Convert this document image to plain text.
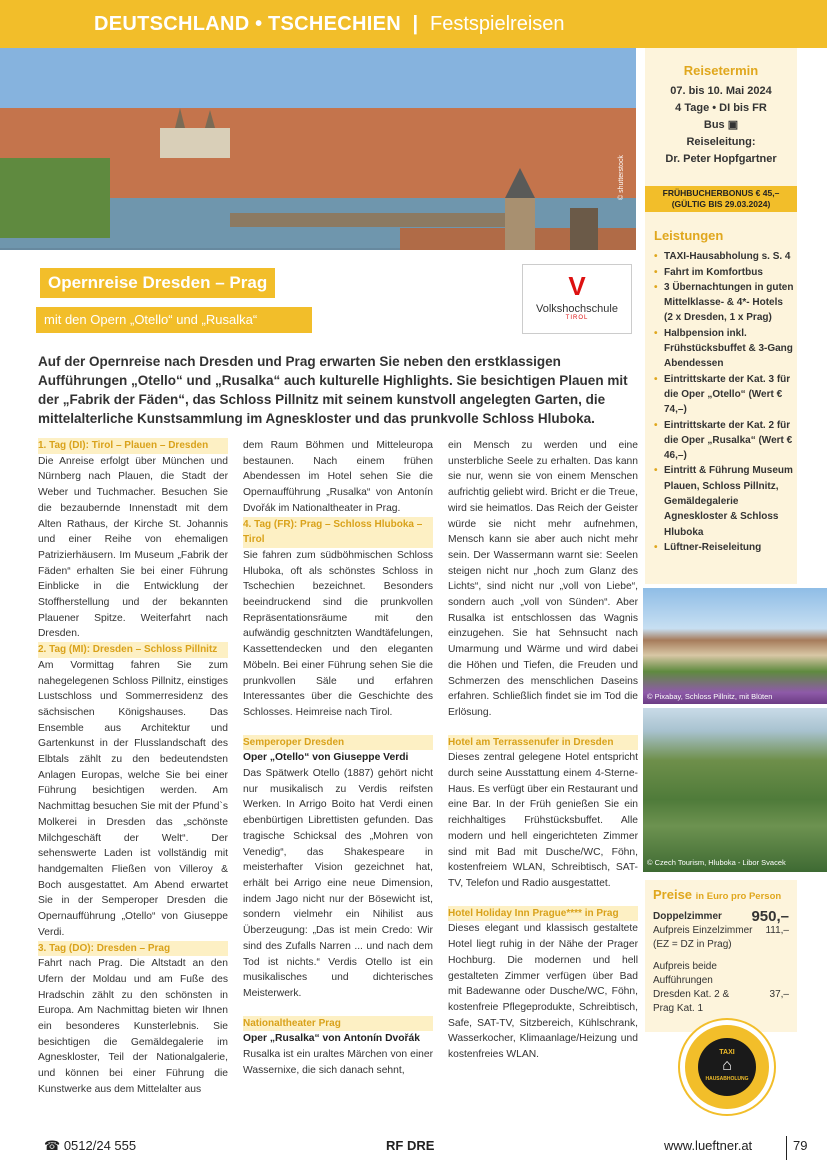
DEUTSCHLAND • TSCHECHIEN | Festspielreisen
© shutterstock
Opernreise Dresden – Prag
mit den Opern „Otello“ und „Rusalka“
V
Volkshochschule
TIROL

Auf der Opernreise nach Dresden und Prag erwarten Sie neben den erstklassigen Aufführungen „Otello“ und „Rusalka“ auch kulturelle Highlights. Sie besichtigen Plauen mit der „Fabrik der Fäden“, das Schloss Pillnitz mit seinem kunstvoll angelegten Garten, die mittelalterliche Kunstsammlung im Agneskloster und das prunkvolle Schloss Hluboka.

1. Tag (DI): Tirol – Plauen – Dresden

Die Anreise erfolgt über München und Nürnberg nach Plauen, die Stadt der Weber und Tuchmacher. Besuchen Sie die bezaubernde Innenstadt mit dem Alten Rathaus, der Kirche St. Johannis und einer Reihe von ehemaligen Patrizierhäusern. Im Museum „Fabrik der Fäden“ erhalten Sie bei einer Führung Einblicke in die Entwicklung der Stoffherstellung und der bekannten Plauener Spitze. Weiterfahrt nach Dresden.

2. Tag (MI): Dresden – Schloss Pillnitz

Am Vormittag fahren Sie zum nahegelegenen Schloss Pillnitz, einstiges Lustschloss und Sommerresidenz des sächsischen Königshauses. Das Ensemble aus Architektur und Gartenkunst in der Flusslandschaft des Elbtals zählt zu den bedeutendsten Anlagen Europas, welche Sie bei einer Führung besichtigen werden. Am Nachmittag besuchen Sie mit der Pfund`s Molkerei in Dresden das „schönste Milchgeschäft der Welt“. Der sehenswerte Laden ist vollständig mit handgemalten Fließen von Villeroy & Boch ausgestattet. Am Abend erwartet Sie in der Semperoper Dresden die Opernaufführung „Otello“ von Giuseppe Verdi.

3. Tag (DO): Dresden – Prag

Fahrt nach Prag. Die Altstadt an den Ufern der Moldau und am Fuße des Hradschin zählt zu den schönsten in Europa. Am Nachmittag bieten wir Ihnen ein besonderes Kunsterlebnis. Sie besichtigen die Gemäldegalerie im Agneskloster, Teil der Nationalgalerie, und können bei einer Führung die Kunstwerke aus dem Mittelalter aus

dem Raum Böhmen und Mitteleuropa bestaunen. Nach einem frühen Abendessen im Hotel sehen Sie die Opernaufführung „Rusalka“ von Antonín Dvořák im Nationaltheater in Prag.

4. Tag (FR): Prag – Schloss Hluboka – Tirol

Sie fahren zum südböhmischen Schloss Hluboka, oft als schönstes Schloss in Tschechien bezeichnet. Besonders beeindruckend sind die prunkvollen Repräsentationsräume mit den aufwändig geschnitzten Wandtäfelungen, Kassettendecken und den eleganten Möbeln. Bei einer Führung sehen Sie die prunkvollen Säle und erfahren Interessantes über die Geschichte des Schlosses. Heimreise nach Tirol.

Semperoper Dresden
Oper „Otello“ von Giuseppe Verdi

Das Spätwerk Otello (1887) gehört nicht nur musikalisch zu Verdis reifsten Werken. In Arrigo Boito hat Verdi einen ebenbürtigen Librettisten gefunden. Das tragische Schicksal des „Mohren von Venedig“, das Shakespeare in meisterhafter Vision gezeichnet hat, erhält bei Arrigo eine neue Dimension, indem Jago nicht nur der Bösewicht ist, sondern vielmehr ein Nihilist aus Überzeugung: „Das ist mein Credo: Wir sind des Zufalls Narren ... und nach dem Tod ist nichts.“ Verdis Otello ist ein musikalisches und dichterisches Meisterwerk.

Nationaltheater Prag
Oper „Rusalka“ von Antonín Dvořák

Rusalka ist ein uraltes Märchen von einer Wassernixe, die sich danach sehnt,

ein Mensch zu werden und eine unsterbliche Seele zu erhalten. Das kann sie nur, wenn sie von einem Menschen aufrichtig geliebt wird. Bricht er die Treue, wird sie heimatlos. Das Reich der Geister würde sie nicht mehr aufnehmen, Mensch kann sie aber auch nicht mehr sein. Der Wassermann warnt sie: Seelen steigen nicht nur „hoch zum Glanz des Lichts“, sind nicht nur „voll von Liebe“, sondern auch „voll von Sünden“. Aber Rusalka ist entschlossen das Wagnis einzugehen. Sie hat Sehnsucht nach Umarmung und Wärme und wird dabei die Höhen und Tiefen, die Freuden und Schmerzen des menschlichen Daseins erfahren. Schließlich findet sie im Tod die Erlösung.

Hotel am Terrassenufer in Dresden

Dieses zentral gelegene Hotel entspricht durch seine Ausstattung einem 4-Sterne-Haus. Es verfügt über ein Restaurant und eine Bar. In der Früh genießen Sie ein reichhaltiges Frühstücksbuffet. Alle modern und hell eingerichteten Zimmer sind mit Bad mit Dusche/WC, Föhn, kostenfreiem WLAN, Schreibtisch, SAT-TV, Telefon und Radio ausgestattet.

Hotel Holiday Inn Prague**** in Prag

Dieses elegant und klassisch gestaltete Hotel liegt ruhig in der Nähe der Prager Hochburg. Die modernen und hell gestalteten Zimmer verfügen über Bad mit Badewanne oder Dusche/WC, Föhn, kostenfreie Pflegeprodukte, Schreibtisch, Safe, SAT-TV, Sitzbereich, Kühlschrank, Wasserkocher, Klimaanlage/Heizung und kostenfreies WLAN.

Reisetermin
07. bis 10. Mai 2024
4 Tage • DI bis FR
Bus ▣
Reiseleitung:
Dr. Peter Hopfgartner
FRÜHBUCHERBONUS € 45,–
(GÜLTIG BIS 29.03.2024)
Leistungen
• TAXI-Hausabholung s. S. 4
• Fahrt im Komfortbus
• 3 Übernachtungen in guten Mittelklasse- & 4*- Hotels (2 x Dresden, 1 x Prag)
• Halbpension inkl. Frühstücksbuffet & 3-Gang Abendessen
• Eintrittskarte der Kat. 3 für die Oper „Otello“ (Wert € 74,–)
• Eintrittskarte der Kat. 2 für die Oper „Rusalka“ (Wert € 46,–)
• Eintritt & Führung Museum Plauen, Schloss Pillnitz, Gemäldegalerie Agneskloster & Schloss Hluboka
• Lüftner-Reiseleitung
© Pixabay, Schloss Pillnitz, mit Blüten
© Czech Tourism, Hluboka - Libor Svacek
Preise in Euro pro Person
Doppelzimmer 950,–
Aufpreis Einzelzimmer (EZ = DZ in Prag)
111,–
Aufpreis beide Aufführungen Dresden Kat. 2 & Prag Kat. 1
37,–
TAXI
⌂
HAUSABHOLUNG
☎ 0512/24 555	RF DRE	www.lueftner.at	79
